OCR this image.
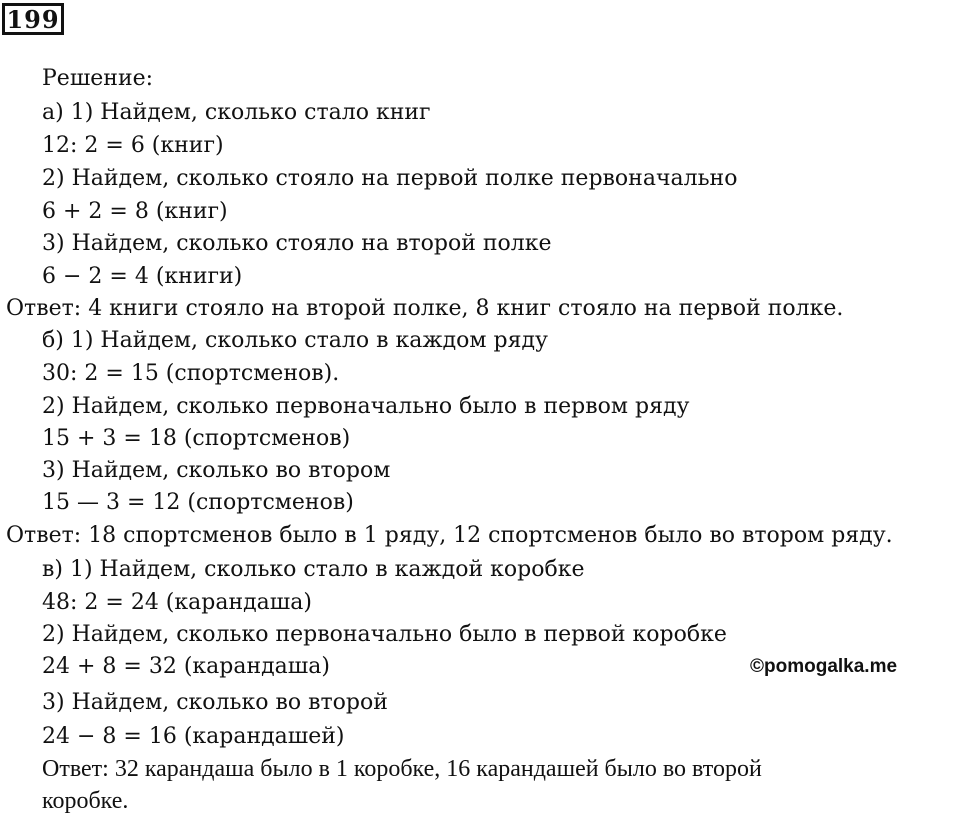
199
Решение:
а) 1) Найдем, сколько стало книг
12: 2 = 6 (книг)
2) Найдем, сколько стояло на первой полке первоначально
6 + 2 = 8 (книг)
3) Найдем, сколько стояло на второй полке
6 − 2 = 4 (книги)
Ответ: 4 книги стояло на второй полке, 8 книг стояло на первой полке.
б) 1) Найдем, сколько стало в каждом ряду
30: 2 = 15 (спортсменов).
2) Найдем, сколько первоначально было в первом ряду
15 + 3 = 18 (спортсменов)
3) Найдем, сколько во втором
15 — 3 = 12 (спортсменов)
Ответ: 18 спортсменов было в 1 ряду, 12 спортсменов было во втором ряду.
в) 1) Найдем, сколько стало в каждой коробке
48: 2 = 24 (карандаша)
2) Найдем, сколько первоначально было в первой коробке
24 + 8 = 32 (карандаша)
3) Найдем, сколько во второй
24 − 8 = 16 (карандашей)
Ответ: 32 карандаша было в 1 коробке, 16 карандашей было во второй
коробке.
©pomogalka.me
